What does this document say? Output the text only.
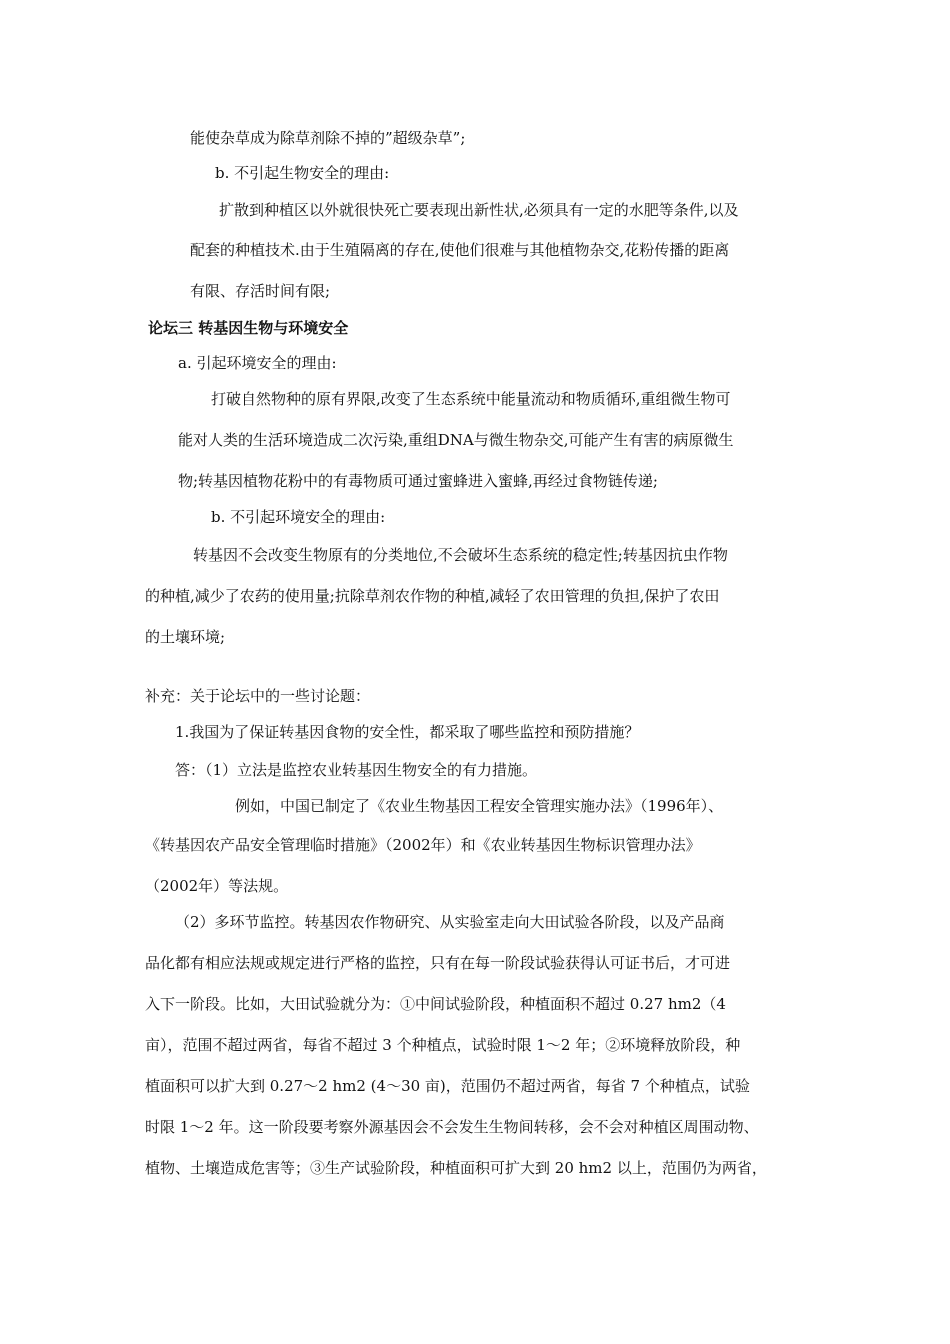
能使杂草成为除草剂除不掉的”超级杂草”;
b. 不引起生物安全的理由:
扩散到种植区以外就很快死亡要表现出新性状,必须具有一定的水肥等条件,以及
配套的种植技术.由于生殖隔离的存在,使他们很难与其他植物杂交,花粉传播的距离
有限、存活时间有限;
论坛三 转基因生物与环境安全
a. 引起环境安全的理由:
打破自然物种的原有界限,改变了生态系统中能量流动和物质循环,重组微生物可
能对人类的生活环境造成二次污染,重组DNA与微生物杂交,可能产生有害的病原微生
物;转基因植物花粉中的有毒物质可通过蜜蜂进入蜜蜂,再经过食物链传递;
b. 不引起环境安全的理由:
转基因不会改变生物原有的分类地位,不会破坏生态系统的稳定性;转基因抗虫作物
的种植,减少了农药的使用量;抗除草剂农作物的种植,减轻了农田管理的负担,保护了农田
的土壤环境;
补充：关于论坛中的一些讨论题：
1.我国为了保证转基因食物的安全性，都采取了哪些监控和预防措施？
答：（1）立法是监控农业转基因生物安全的有力措施。
例如，中国已制定了《农业生物基因工程安全管理实施办法》（1996年）、
《转基因农产品安全管理临时措施》（2002年）和《农业转基因生物标识管理办法》
（2002年）等法规。
（2）多环节监控。转基因农作物研究、从实验室走向大田试验各阶段，以及产品商
品化都有相应法规或规定进行严格的监控，只有在每一阶段试验获得认可证书后，才可进
入下一阶段。比如，大田试验就分为：①中间试验阶段，种植面积不超过 0.27 hm2（4
亩），范围不超过两省，每省不超过 3 个种植点，试验时限 1～2 年；②环境释放阶段，种
植面积可以扩大到 0.27～2 hm2 (4～30 亩)，范围仍不超过两省，每省 7 个种植点，试验
时限 1～2 年。这一阶段要考察外源基因会不会发生生物间转移，会不会对种植区周围动物、
植物、土壤造成危害等；③生产试验阶段，种植面积可扩大到 20 hm2 以上，范围仍为两省，
